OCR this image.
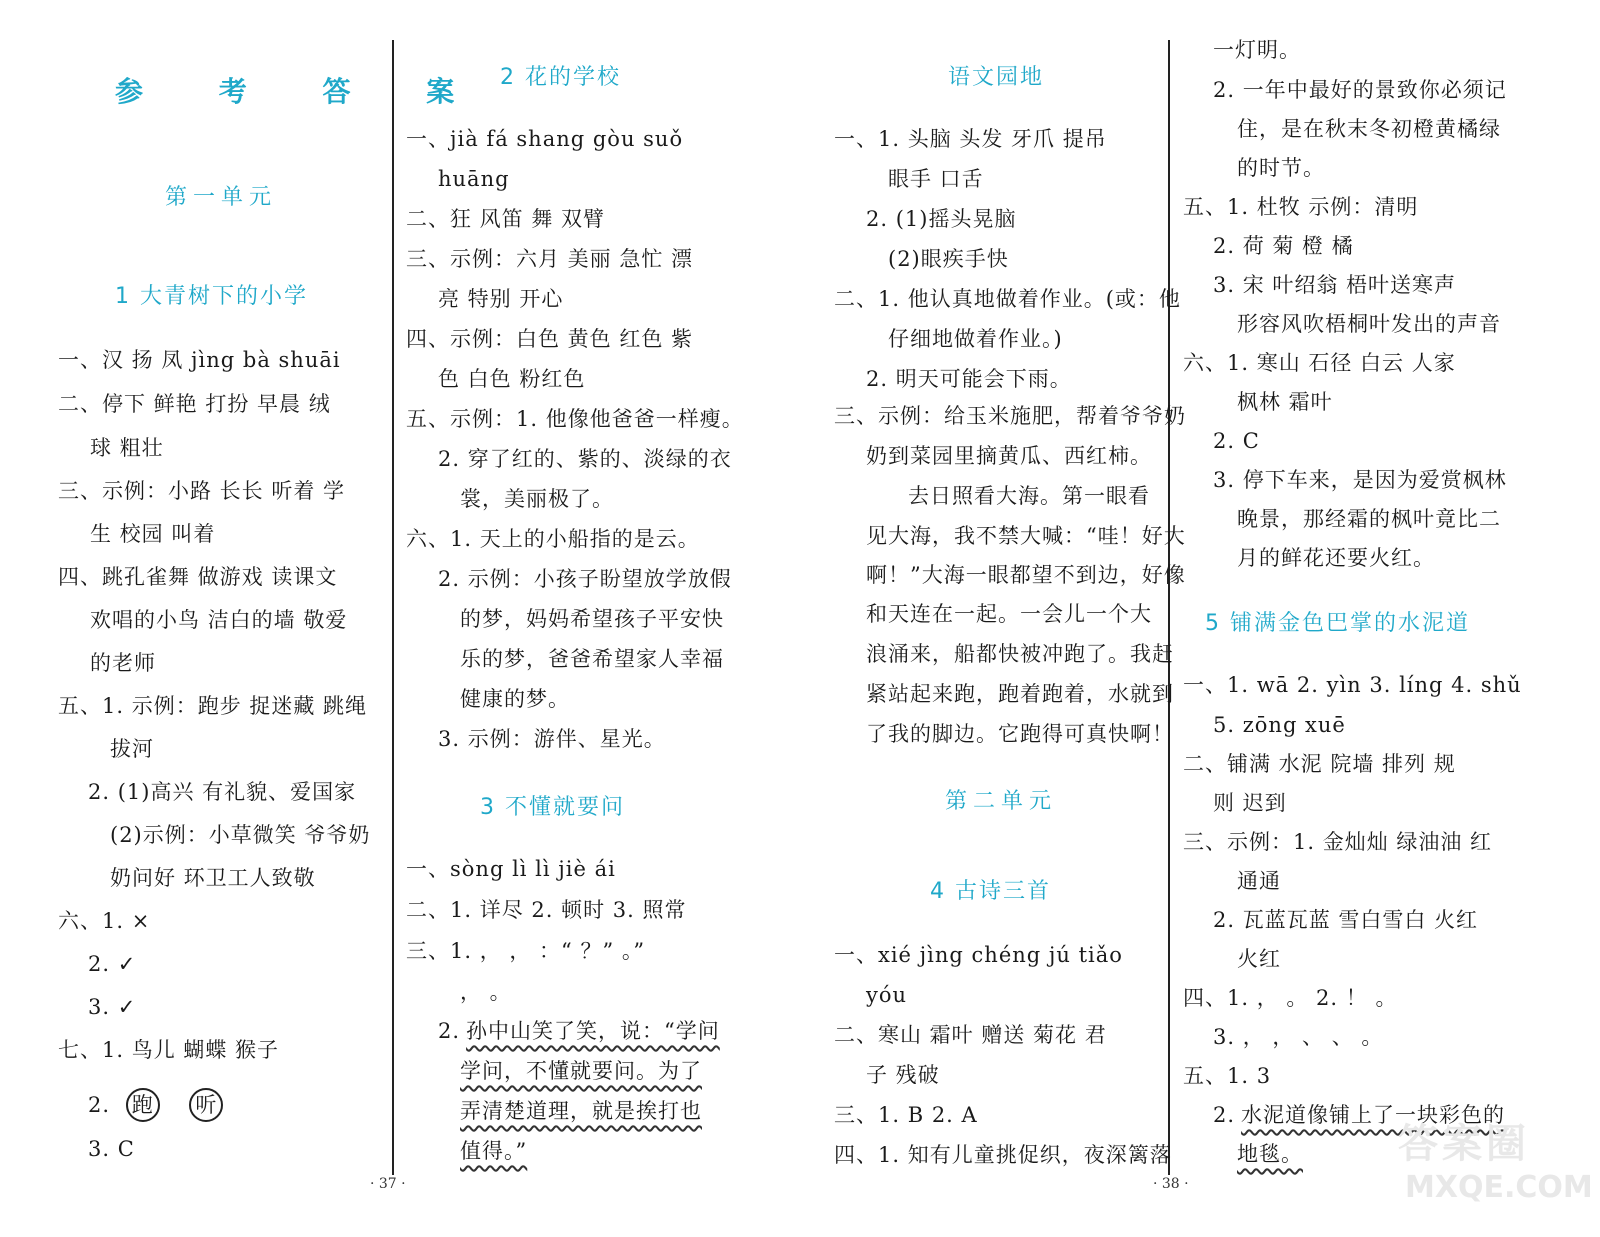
参 考 答 案
第一单元
1 大青树下的小学
一、汉 扬 凤 jìng bà shuāi
二、停下 鲜艳 打扮 早晨 绒
球 粗壮
三、示例：小路 长长 听着 学
生 校园 叫着
四、跳孔雀舞 做游戏 读课文
欢唱的小鸟 洁白的墙 敬爱
的老师
五、1. 示例：跑步 捉迷藏 跳绳
拔河
2. (1)高兴 有礼貌、爱国家
(2)示例：小草微笑 爷爷奶
奶问好 环卫工人致敬
六、1. ×
2. ✓
3. ✓
七、1. 鸟儿 蝴蝶 猴子
2. 跑 听
3. C
2 花的学校
一、jià fá shang gòu suǒ
huāng
二、狂 风笛 舞 双臂
三、示例：六月 美丽 急忙 漂
亮 特别 开心
四、示例：白色 黄色 红色 紫
色 白色 粉红色
五、示例：1. 他像他爸爸一样瘦。
2. 穿了红的、紫的、淡绿的衣
裳，美丽极了。
六、1. 天上的小船指的是云。
2. 示例：小孩子盼望放学放假
的梦，妈妈希望孩子平安快
乐的梦，爸爸希望家人幸福
健康的梦。
3. 示例：游伴、星光。
3 不懂就要问
一、sòng lì lì jiè ái
二、1. 详尽 2. 顿时 3. 照常
三、1. ， ， ：“ ？” 。”
， 。
2. 孙中山笑了笑，说：“学问
学问，不懂就要问。为了
弄清楚道理，就是挨打也
值得。”
语文园地
一、1. 头脑 头发 牙爪 提吊
眼手 口舌
2. (1)摇头晃脑
(2)眼疾手快
二、1. 他认真地做着作业。(或：他
仔细地做着作业。)
2. 明天可能会下雨。
三、示例：给玉米施肥，帮着爷爷奶
奶到菜园里摘黄瓜、西红柿。
去日照看大海。第一眼看
见大海，我不禁大喊：“哇！好大
啊！”大海一眼都望不到边，好像
和天连在一起。一会儿一个大
浪涌来，船都快被冲跑了。我赶
紧站起来跑，跑着跑着，水就到
了我的脚边。它跑得可真快啊！
第二单元
4 古诗三首
一、xié jìng chéng jú tiǎo
yóu
二、寒山 霜叶 赠送 菊花 君
子 残破
三、1. B 2. A
四、1. 知有儿童挑促织，夜深篱落
一灯明。
2. 一年中最好的景致你必须记
住，是在秋末冬初橙黄橘绿
的时节。
五、1. 杜牧 示例：清明
2. 荷 菊 橙 橘
3. 宋 叶绍翁 梧叶送寒声
形容风吹梧桐叶发出的声音
六、1. 寒山 石径 白云 人家
枫林 霜叶
2. C
3. 停下车来，是因为爱赏枫林
晚景，那经霜的枫叶竟比二
月的鲜花还要火红。
5 铺满金色巴掌的水泥道
一、1. wā 2. yìn 3. líng 4. shǔ
5. zōng xuē
二、铺满 水泥 院墙 排列 规
则 迟到
三、示例：1. 金灿灿 绿油油 红
通通
2. 瓦蓝瓦蓝 雪白雪白 火红
火红
四、1. ， 。 2. ！ 。
3. ， ， 、 、 。
五、1. 3
2. 水泥道像铺上了一块彩色的
地毯。
· 37 ·	· 38 ·
答案圈
MXQE.COM
